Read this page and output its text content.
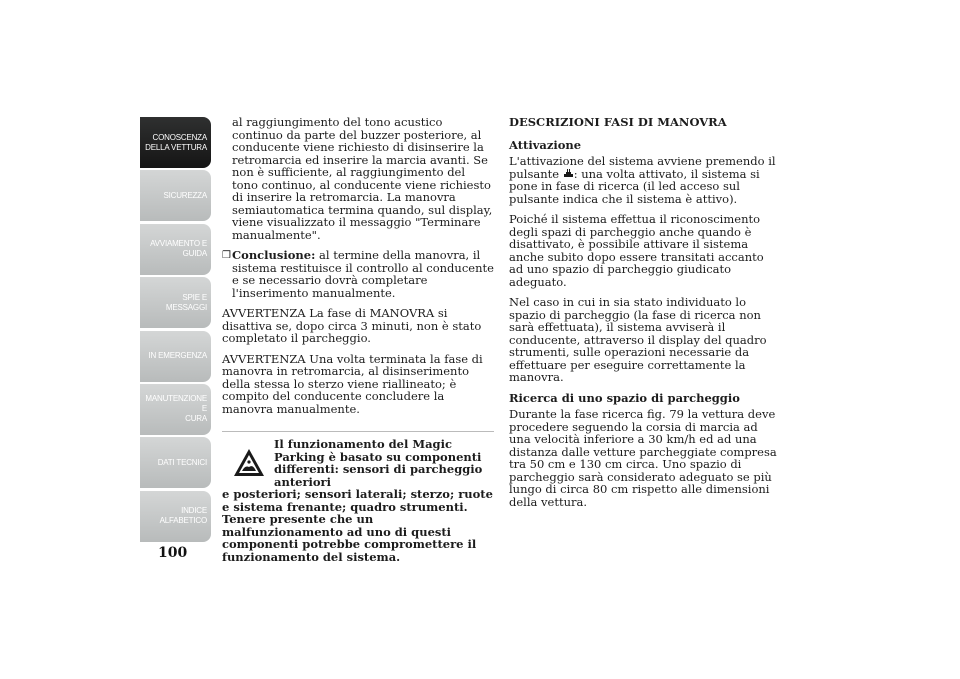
CONOSCENZA
DELLA VETTURA
SICUREZZA
AVVIAMENTO E
GUIDA
SPIE E MESSAGGI
IN EMERGENZA
MANUTENZIONE E
CURA
DATI TECNICI
INDICE
ALFABETICO
100

al raggiungimento del tono acustico continuo da parte del buzzer posteriore, al conducente viene richiesto di disinserire la retromarcia ed inserire la marcia avanti. Se non è sufficiente, al raggiungimento del tono continuo, al conducente viene richiesto di inserire la retromarcia. La manovra semiautomatica termina quando, sul display, viene visualizzato il messaggio "Terminare manualmente".

❒ Conclusione: al termine della manovra, il sistema restituisce il controllo al conducente e se necessario dovrà completare l'inserimento manualmente.

AVVERTENZA La fase di MANOVRA si disattiva se, dopo circa 3 minuti, non è stato completato il parcheggio.

AVVERTENZA Una volta terminata la fase di manovra in retromarcia, al disinserimento della stessa lo sterzo viene riallineato; è compito del conducente concludere la manovra manualmente.

Il funzionamento del Magic Parking è basato su componenti differenti: sensori di parcheggio anteriori
e posteriori; sensori laterali; sterzo; ruote e sistema frenante; quadro strumenti. Tenere presente che un malfunzionamento ad uno di questi componenti potrebbe compromettere il funzionamento del sistema.
DESCRIZIONI FASI DI MANOVRA
Attivazione

L'attivazione del sistema avviene premendo il pulsante : una volta attivato, il sistema si pone in fase di ricerca (il led acceso sul pulsante indica che il sistema è attivo).

Poiché il sistema effettua il riconoscimento degli spazi di parcheggio anche quando è disattivato, è possibile attivare il sistema anche subito dopo essere transitati accanto ad uno spazio di parcheggio giudicato adeguato.

Nel caso in cui in sia stato individuato lo spazio di parcheggio (la fase di ricerca non sarà effettuata), il sistema avviserà il conducente, attraverso il display del quadro strumenti, sulle operazioni necessarie da effettuare per eseguire correttamente la manovra.

Ricerca di uno spazio di parcheggio

Durante la fase ricerca fig. 79 la vettura deve procedere seguendo la corsia di marcia ad una velocità inferiore a 30 km/h ed ad una distanza dalle vetture parcheggiate compresa tra 50 cm e 130 cm circa. Uno spazio di parcheggio sarà considerato adeguato se più lungo di circa 80 cm rispetto alle dimensioni della vettura.
